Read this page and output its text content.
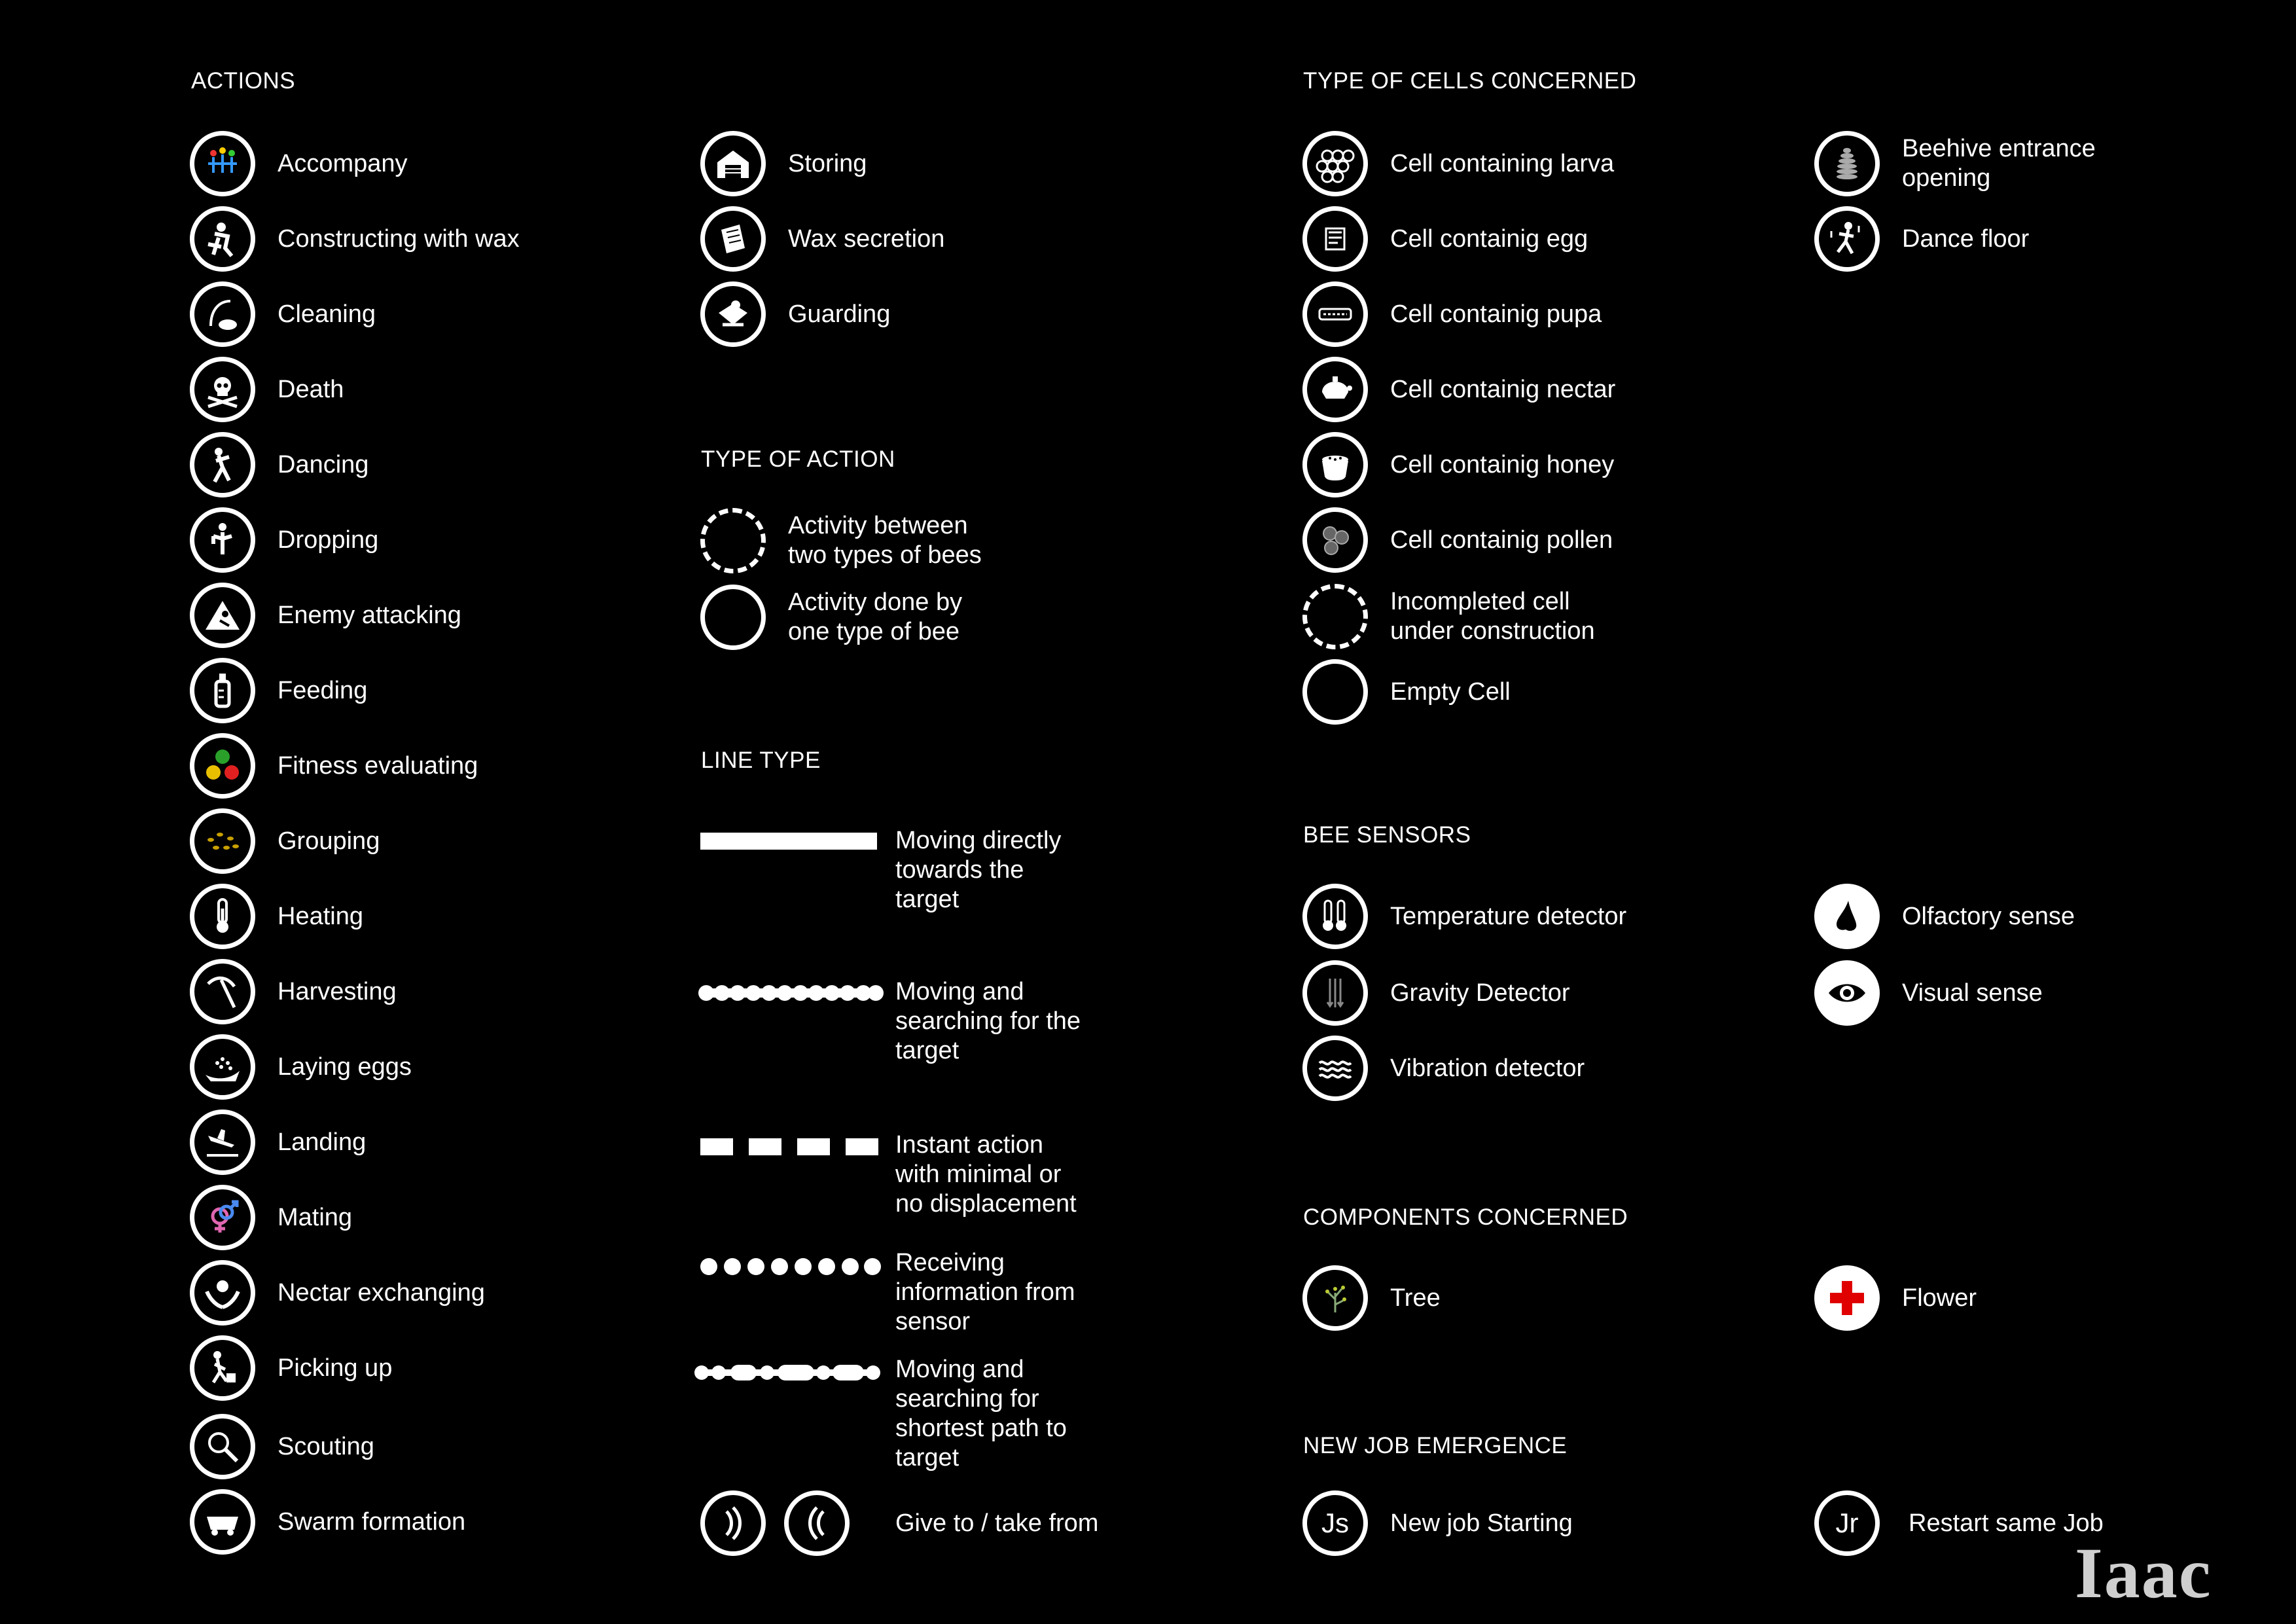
ACTIONS
TYPE OF ACTION
LINE TYPE
TYPE OF CELLS C0NCERNED
BEE SENSORS
COMPONENTS CONCERNED
NEW JOB EMERGENCE
Accompany
Constructing with wax
Cleaning
Death
Dancing
Dropping
Enemy attacking
Feeding
Fitness evaluating
Grouping
Heating
Harvesting
Laying eggs
Landing
Mating
Nectar exchanging
Picking up
Scouting
Swarm formation
Storing
Wax secretion
Guarding
Activity between
two types of bees
Activity done by
one type of bee
Moving directly
towards the
target
Moving and
searching for the
target
Instant action
with minimal or
no displacement
Receiving
information from
sensor
Moving and
searching for
shortest path to
target
Give to / take from
Cell containing larva
Cell containig egg
Cell containig pupa
Cell containig nectar
Cell containig honey
Cell containig pollen
Incompleted cell
under construction
Empty Cell
Beehive entrance
opening
Dance floor
Temperature detector
Gravity Detector
Vibration detector
Olfactory sense
Visual sense
Tree	Flower
Js	New job Starting	Jr	Restart same Job
Iaac
